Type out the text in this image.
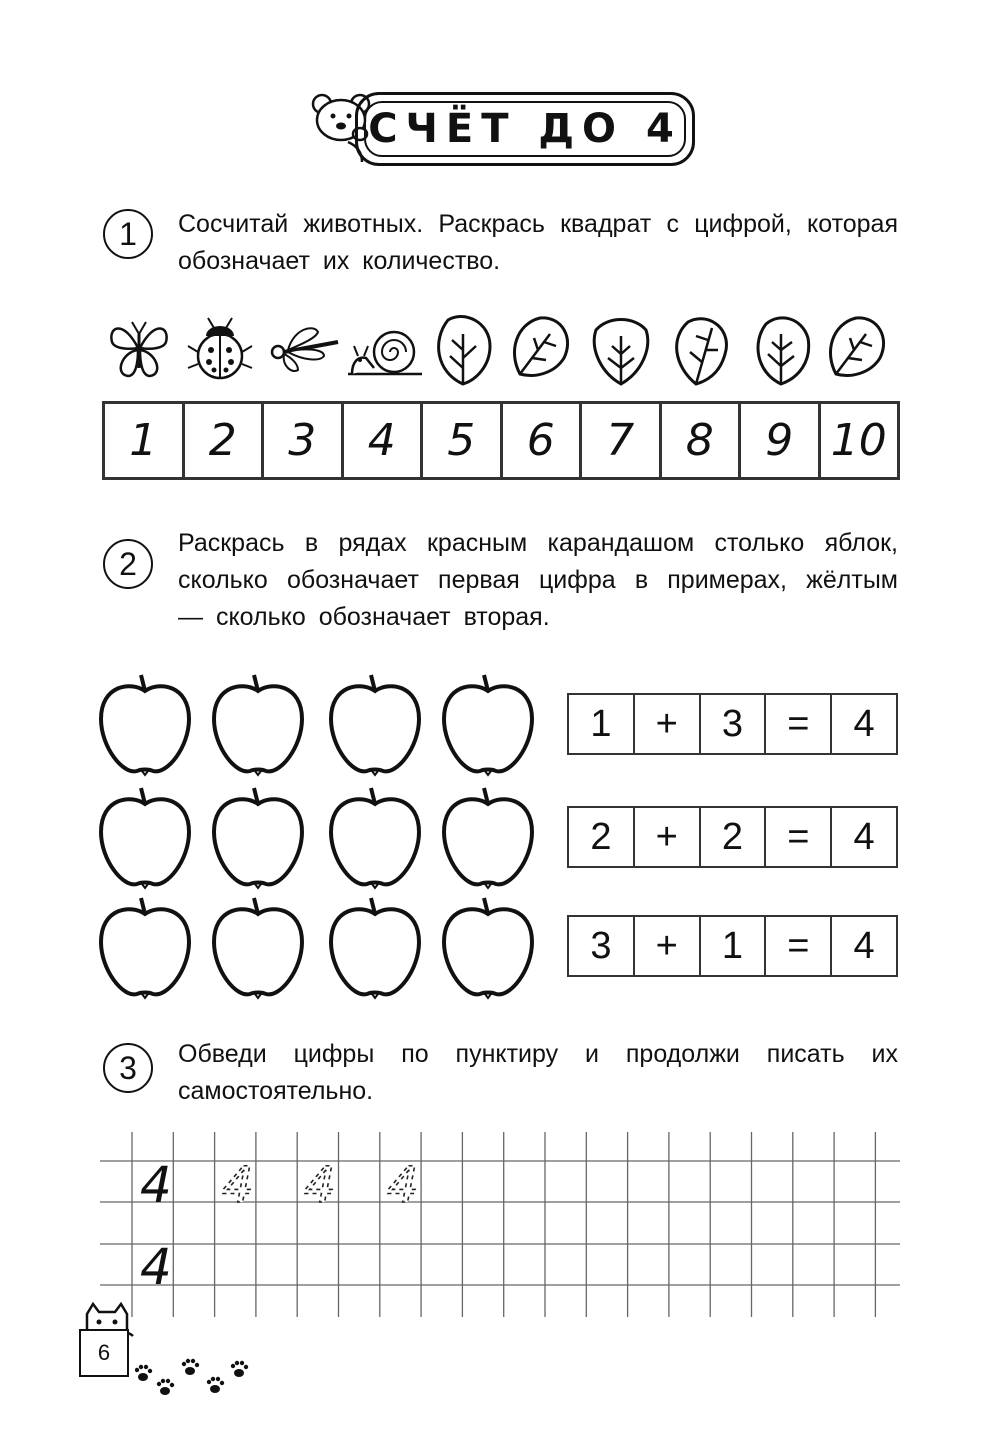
СЧЁТ ДО 4
1	Сосчитай животных. Раскрась квадрат с цифрой, которая обозначает их количество.
1	2	3	4	5	6	7	8	9 10
2
Раскрась в рядах красным карандашом столько яблок, сколько обозначает первая цифра в примерах, жёлтым — сколько обозначает вторая.
1	+	3	=	4
2	+	2	=	4
3	+	1	=	4
3	Обведи цифры по пунктиру и продолжи писать их самостоятельно.
4 4 4 4
4
6
